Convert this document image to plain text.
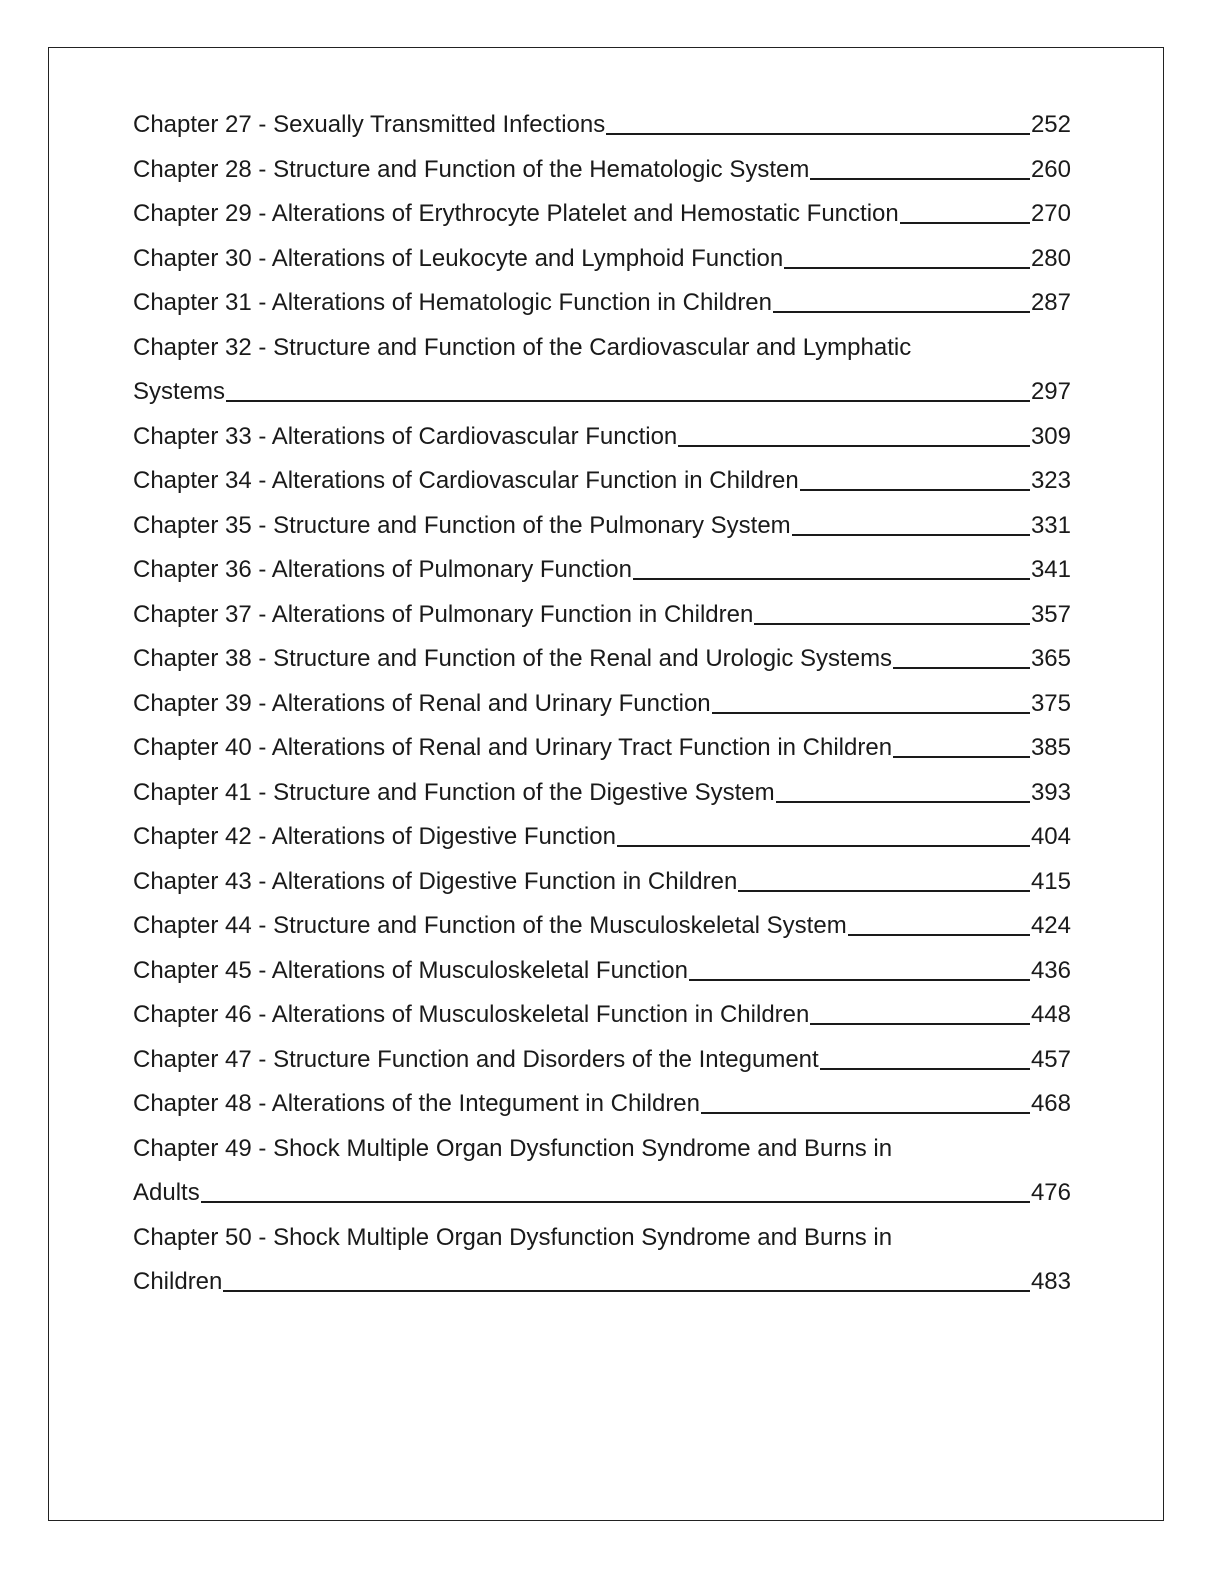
Chapter 27 - Sexually Transmitted Infections	252
Chapter 28 - Structure and Function of the Hematologic System	260
Chapter 29 - Alterations of Erythrocyte Platelet and Hemostatic Function	270
Chapter 30 - Alterations of Leukocyte and Lymphoid Function	280
Chapter 31 - Alterations of Hematologic Function in Children	287
Chapter 32 - Structure and Function of the Cardiovascular and Lymphatic
Systems	297
Chapter 33 - Alterations of Cardiovascular Function	309
Chapter 34 - Alterations of Cardiovascular Function in Children	323
Chapter 35 - Structure and Function of the Pulmonary System	331
Chapter 36 - Alterations of Pulmonary Function	341
Chapter 37 - Alterations of Pulmonary Function in Children	357
Chapter 38 - Structure and Function of the Renal and Urologic Systems	365
Chapter 39 - Alterations of Renal and Urinary Function	375
Chapter 40 - Alterations of Renal and Urinary Tract Function in Children	385
Chapter 41 - Structure and Function of the Digestive System	393
Chapter 42 - Alterations of Digestive Function	404
Chapter 43 - Alterations of Digestive Function in Children	415
Chapter 44 - Structure and Function of the Musculoskeletal System	424
Chapter 45 - Alterations of Musculoskeletal Function	436
Chapter 46 - Alterations of Musculoskeletal Function in Children	448
Chapter 47 - Structure Function and Disorders of the Integument	457
Chapter 48 - Alterations of the Integument in Children	468
Chapter 49 - Shock Multiple Organ Dysfunction Syndrome and Burns in
Adults	476
Chapter 50 - Shock Multiple Organ Dysfunction Syndrome and Burns in
Children	483
